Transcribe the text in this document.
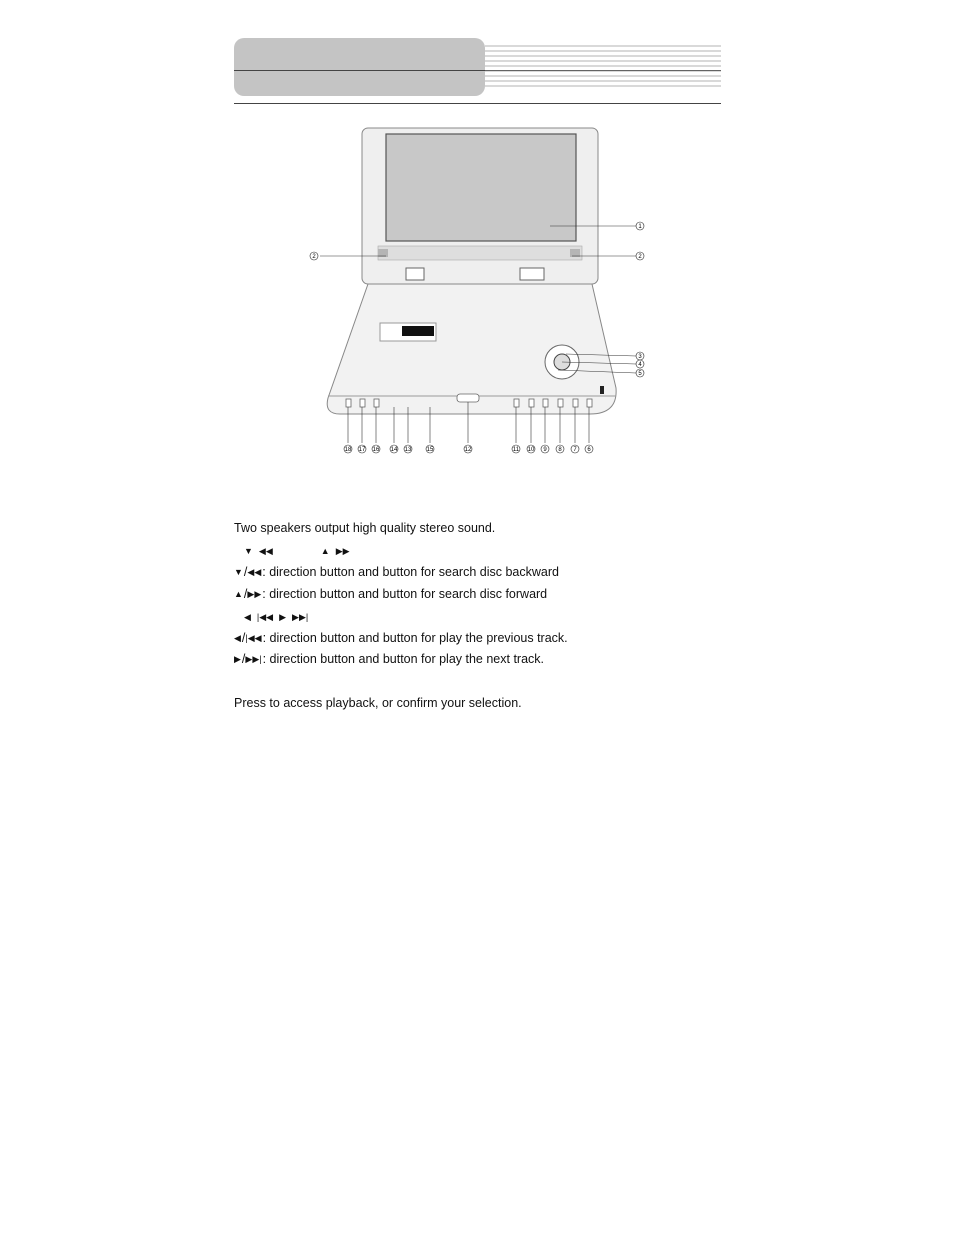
1
2	2
3
4
5
6
7
8
9
10
11
12
13
14	15
16
17
18
Two speakers output high quality stereo sound.
▼ ◀◀	▲ ▶▶
▼ / ◀◀ : direction button and button for search disc backward
▲ / ▶▶ : direction button and button for search disc forward
◀ |◀◀ ▶ ▶▶|
◀ / |◀◀ : direction button and button for play the previous track.
▶ / ▶▶| : direction button and button for play the next track.
Press to access playback, or confirm your selection.
